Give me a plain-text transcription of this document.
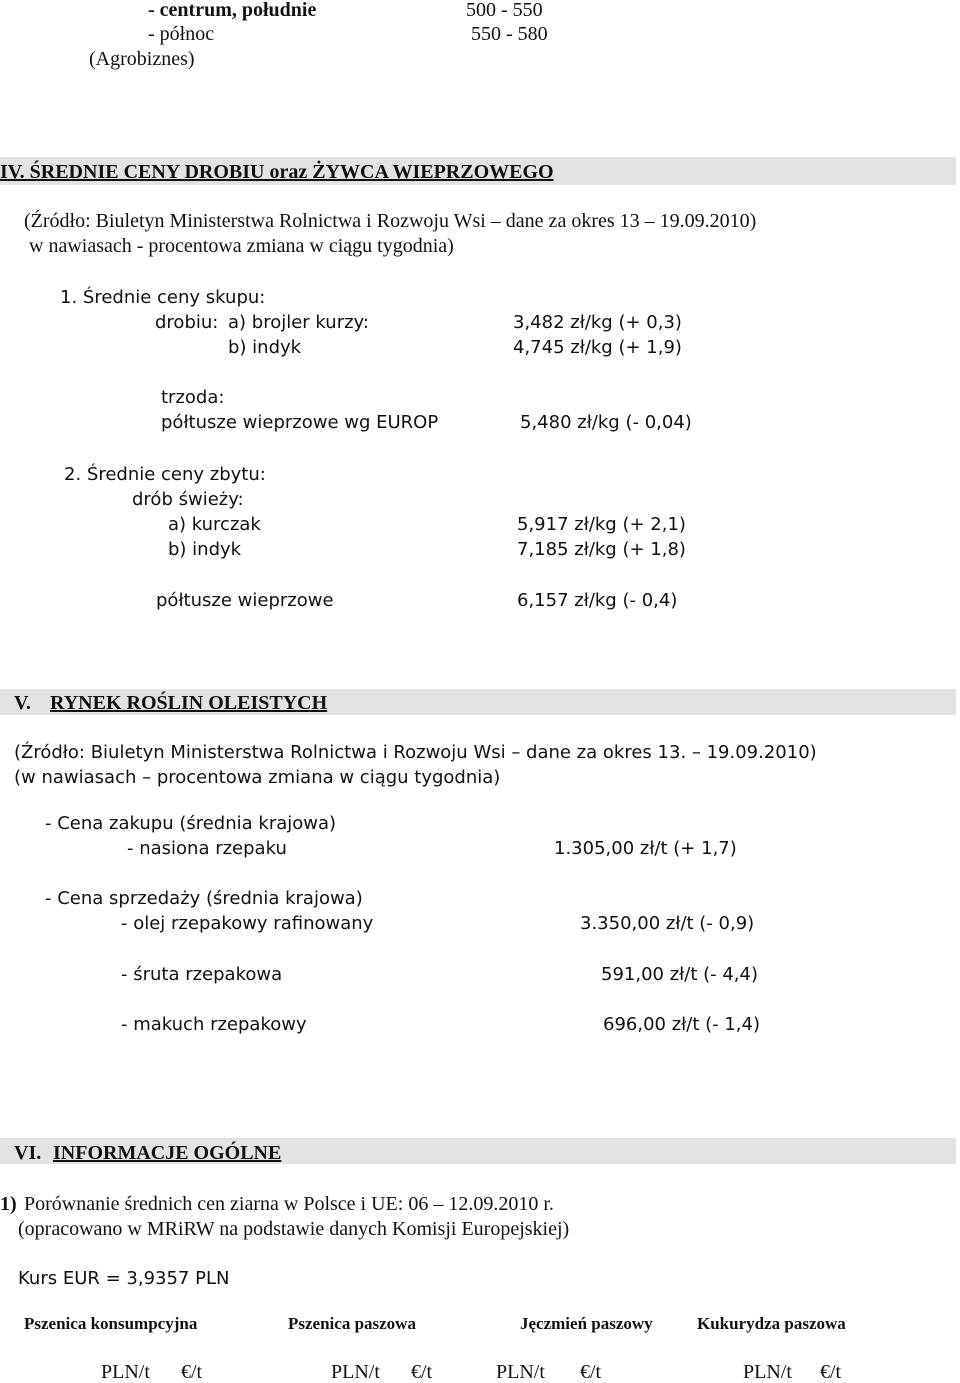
- centrum, południe	500 - 550
- północ	550 - 580
(Agrobiznes)
IV. ŚREDNIE CENY DROBIU oraz ŻYWCA WIEPRZOWEGO
(Źródło: Biuletyn Ministerstwa Rolnictwa i Rozwoju Wsi – dane za okres 13 – 19.09.2010)
w nawiasach - procentowa zmiana w ciągu tygodnia)
1. Średnie ceny skupu:
drobiu: a) brojler kurzy:	3,482 zł/kg (+ 0,3)
b) indyk	4,745 zł/kg (+ 1,9)
trzoda:
półtusze wieprzowe wg EUROP	5,480 zł/kg (- 0,04)
2. Średnie ceny zbytu:
drób świeży:
a) kurczak	5,917 zł/kg (+ 2,1)
b) indyk	7,185 zł/kg (+ 1,8)
półtusze wieprzowe	6,157 zł/kg (- 0,4)
V. RYNEK ROŚLIN OLEISTYCH
(Źródło: Biuletyn Ministerstwa Rolnictwa i Rozwoju Wsi – dane za okres 13. – 19.09.2010)
(w nawiasach – procentowa zmiana w ciągu tygodnia)
- Cena zakupu (średnia krajowa)
- nasiona rzepaku	1.305,00 zł/t (+ 1,7)
- Cena sprzedaży (średnia krajowa)
- olej rzepakowy rafinowany	3.350,00 zł/t (- 0,9)
- śruta rzepakowa	591,00 zł/t (- 4,4)
- makuch rzepakowy	696,00 zł/t (- 1,4)
VI. INFORMACJE OGÓLNE
1) Porównanie średnich cen ziarna w Polsce i UE: 06 – 12.09.2010 r.
(opracowano w MRiRW na podstawie danych Komisji Europejskiej)
Kurs EUR = 3,9357 PLN
Pszenica konsumpcyjna	Pszenica paszowa	Jęczmień paszowy	Kukurydza paszowa
PLN/t €/t	PLN/t €/t	PLN/t €/t	PLN/t €/t
